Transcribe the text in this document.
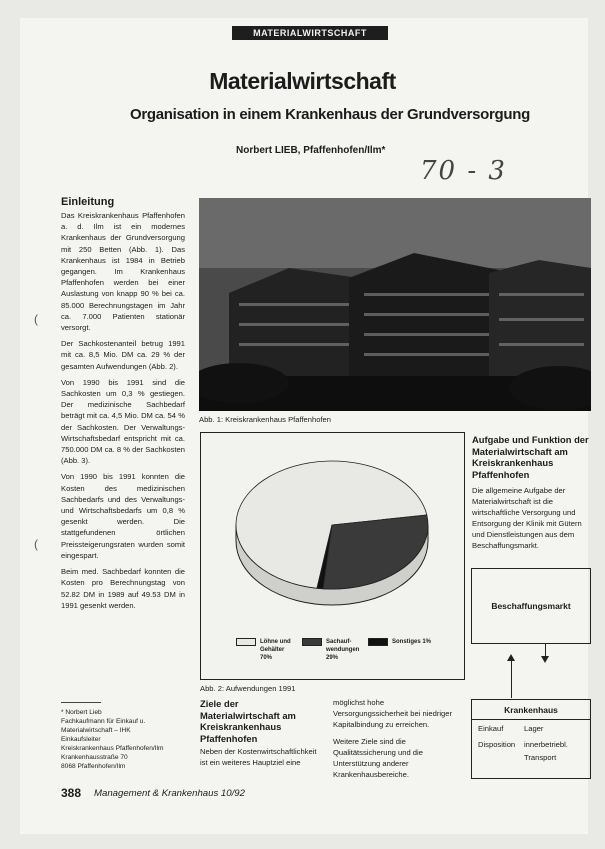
(
(
MATERIALWIRTSCHAFT
Materialwirtschaft
Organisation in einem Krankenhaus der Grundversorgung
Norbert LIEB, Pfaffenhofen/Ilm*
70 - 3
Einleitung

Das Kreiskrankenhaus Pfaffenhofen a. d. Ilm ist ein modernes Krankenhaus der Grundversorgung mit 250 Betten (Abb. 1). Das Krankenhaus ist 1984 in Betrieb gegangen. Im Krankenhaus Pfaffenhofen werden bei einer Auslastung von knapp 90 % bei ca. 85.000 Berechnungstagen im Jahr ca. 7.000 Patienten stationär versorgt.

Der Sachkostenanteil betrug 1991 mit ca. 8,5 Mio. DM ca. 29 % der gesamten Aufwendungen (Abb. 2).

Von 1990 bis 1991 sind die Sachkosten um 0,3 % gestiegen. Der medizinische Sachbedarf beträgt mit ca. 4,5 Mio. DM ca. 54 % der Sachkosten. Der Verwaltungs- Wirtschaftsbedarf entspricht mit ca. 750.000 DM ca. 8 % der Sachkosten (Abb. 3).

Von 1990 bis 1991 konnten die Kosten des medizinischen Sachbedarfs und des Verwaltungs- und Wirtschaftsbedarfs um 0,8 % gesenkt werden. Die stattgefundenen örtlichen Preissteigerungsraten wurden somit eingespart.

Beim med. Sachbedarf konnten die Kosten pro Berechnungstag von 52.82 DM in 1989 auf 49.53 DM in 1991 gesenkt werden.

Abb. 1: Kreiskrankenhaus Pfaffenhofen
Löhne und
Gehälter
70%
Sachauf-
wendungen
29%
Sonstiges 1%
Abb. 2: Aufwendungen 1991
Ziele der Materialwirtschaft am Kreiskrankenhaus Pfaffenhofen

Neben der Kostenwirtschaftlichkeit ist ein weiteres Hauptziel eine

möglichst hohe Versorgungssicherheit bei niedriger Kapitalbindung zu erreichen.

Weitere Ziele sind die Qualitätssicherung und die Unterstützung anderer Krankenhausbereiche.

Aufgabe und Funktion der Materialwirtschaft am Kreiskrankenhaus Pfaffenhofen

Die allgemeine Aufgabe der Materialwirtschaft ist die wirtschaftliche Versorgung und Entsorgung der Klinik mit Gütern und Dienstleistungen aus dem Beschaffungsmarkt.

Beschaffungsmarkt
Krankenhaus
Einkauf	Lager
Disposition innerbetriebl.
Transport

* Norbert Lieb

Fachkaufmann für Einkauf u.

Materialwirtschaft – IHK

Einkaufsleiter

Kreiskrankenhaus Pfaffenhofen/Ilm

Krankenhausstraße 70

8068 Pfaffenhofen/Ilm

388 Management & Krankenhaus 10/92
